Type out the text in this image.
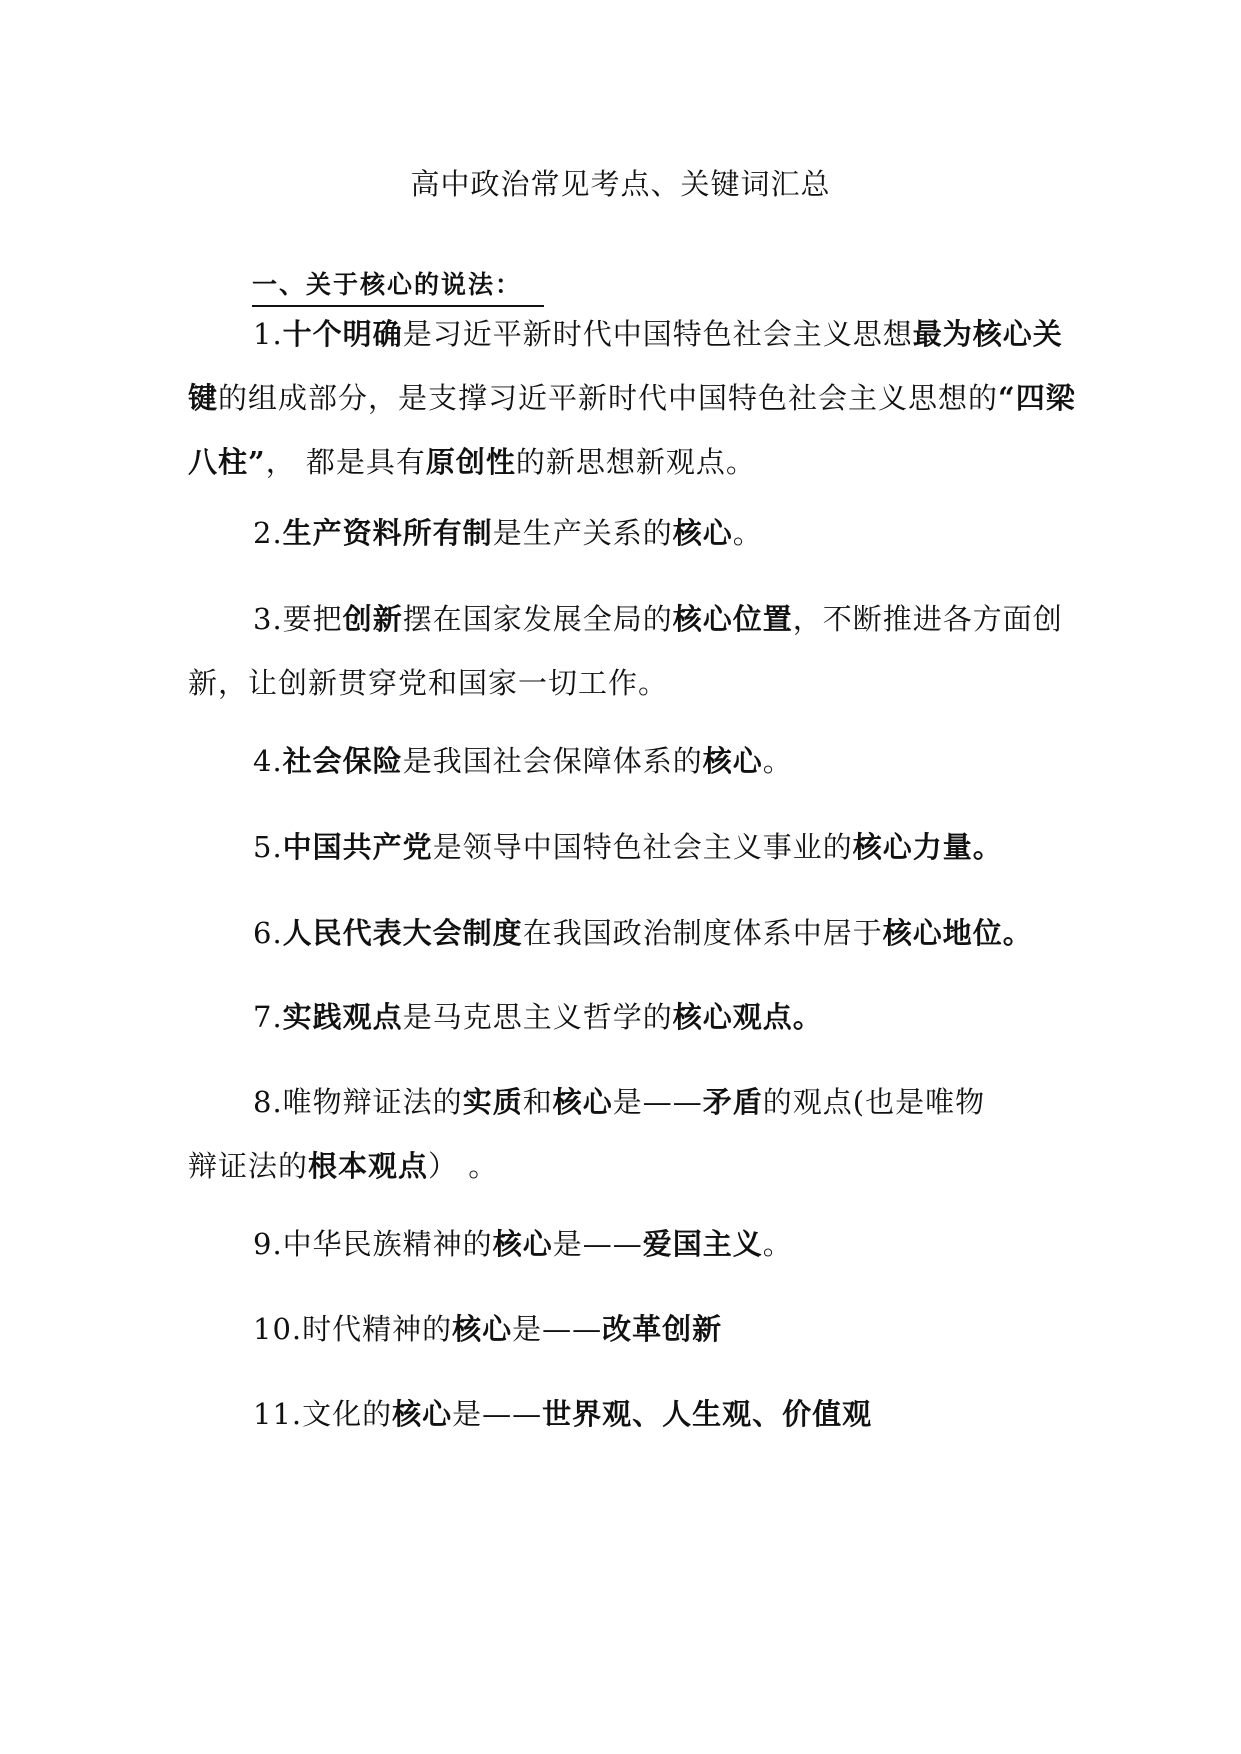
高中政治常见考点、关键词汇总
一、关于核心的说法：
1.十个明确是习近平新时代中国特色社会主义思想最为核心关
键的组成部分，是支撑习近平新时代中国特色社会主义思想的“四梁
八柱”， 都是具有原创性的新思想新观点。
2.生产资料所有制是生产关系的核心。
3.要把创新摆在国家发展全局的核心位置，不断推进各方面创
新，让创新贯穿党和国家一切工作。
4.社会保险是我国社会保障体系的核心。
5.中国共产党是领导中国特色社会主义事业的核心力量。
6.人民代表大会制度在我国政治制度体系中居于核心地位。
7.实践观点是马克思主义哲学的核心观点。
8.唯物辩证法的实质和核心是——矛盾的观点(也是唯物
辩证法的根本观点） 。
9.中华民族精神的核心是——爱国主义。
10.时代精神的核心是——改革创新
11.文化的核心是——世界观、人生观、价值观
